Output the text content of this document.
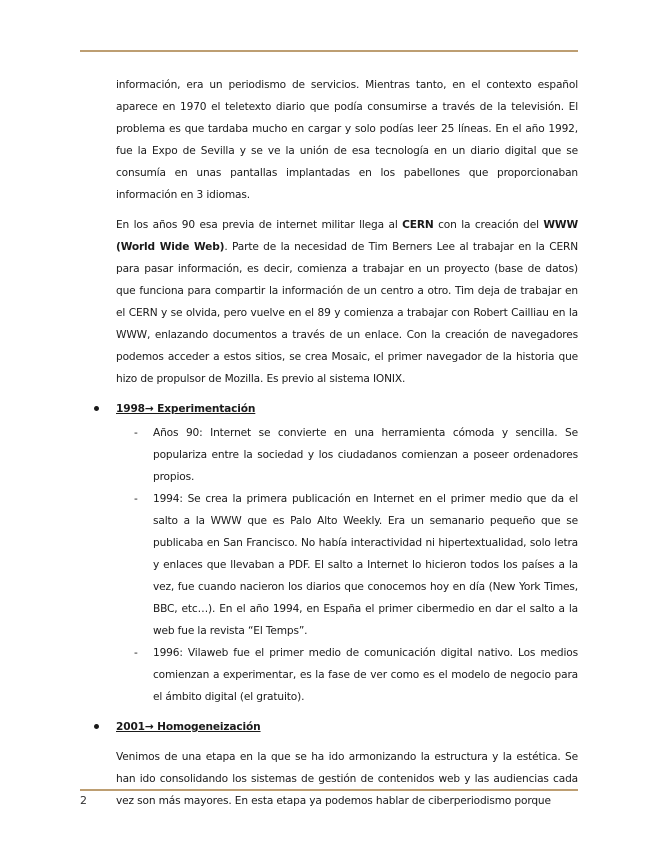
información, era un periodismo de servicios. Mientras tanto, en el contexto español aparece en 1970 el teletexto diario que podía consumirse a través de la televisión. El problema es que tardaba mucho en cargar y solo podías leer 25 líneas. En el año 1992, fue la Expo de Sevilla y se ve la unión de esa tecnología en un diario digital que se consumía en unas pantallas implantadas en los pabellones que proporcionaban información en 3 idiomas.

En los años 90 esa previa de internet militar llega al CERN con la creación del WWW (World Wide Web). Parte de la necesidad de Tim Berners Lee al trabajar en la CERN para pasar información, es decir, comienza a trabajar en un proyecto (base de datos) que funciona para compartir la información de un centro a otro. Tim deja de trabajar en el CERN y se olvida, pero vuelve en el 89 y comienza a trabajar con Robert Cailliau en la WWW, enlazando documentos a través de un enlace. Con la creación de navegadores podemos acceder a estos sitios, se crea Mosaic, el primer navegador de la historia que hizo de propulsor de Mozilla. Es previo al sistema IONIX.

1998→ Experimentación
- Años 90: Internet se convierte en una herramienta cómoda y sencilla. Se populariza entre la sociedad y los ciudadanos comienzan a poseer ordenadores propios.
- 1994: Se crea la primera publicación en Internet en el primer medio que da el salto a la WWW que es Palo Alto Weekly. Era un semanario pequeño que se publicaba en San Francisco. No había interactividad ni hipertextualidad, solo letra y enlaces que llevaban a PDF. El salto a Internet lo hicieron todos los países a la vez, fue cuando nacieron los diarios que conocemos hoy en día (New York Times, BBC, etc…). En el año 1994, en España el primer cibermedio en dar el salto a la web fue la revista “El Temps”.
- 1996: Vilaweb fue el primer medio de comunicación digital nativo. Los medios comienzan a experimentar, es la fase de ver como es el modelo de negocio para el ámbito digital (el gratuito).
2001→ Homogeneización

Venimos de una etapa en la que se ha ido armonizando la estructura y la estética. Se han ido consolidando los sistemas de gestión de contenidos web y las audiencias cada vez son más mayores. En esta etapa ya podemos hablar de ciberperiodismo porque

2
